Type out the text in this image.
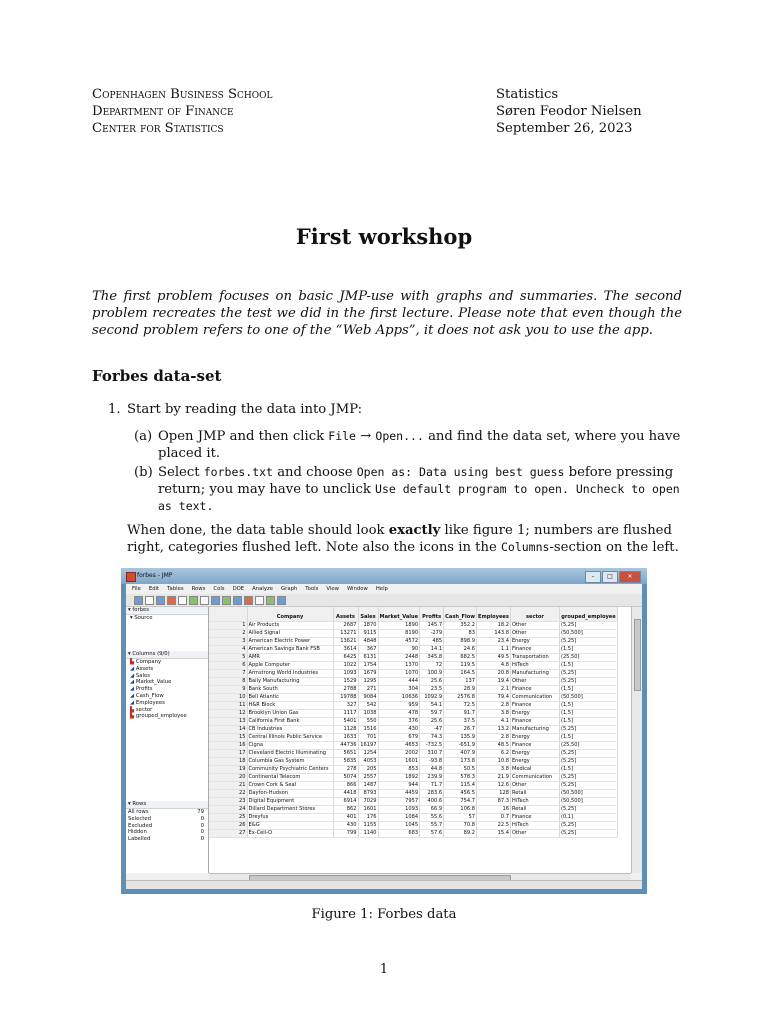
Copenhagen Business School
Department of Finance
Center for Statistics
Statistics
Søren Feodor Nielsen
September 26, 2023
First workshop
The first problem focuses on basic JMP-use with graphs and summaries. The second problem recreates the test we did in the first lecture. Please note that even though the second problem refers to one of the “Web Apps”, it does not ask you to use the app.
Forbes data-set
1. Start by reading the data into JMP:
(a) Open JMP and then click File → Open... and find the data set, where you have placed it.
(b) Select forbes.txt and choose Open as: Data using best guess before pressing return; you may have to unclick Use default program to open. Uncheck to open as text.
When done, the data table should look exactly like figure 1; numbers are flushed right, categories flushed left. Note also the icons in the Columns-section on the left.
forbes - JMP	–	□	✕
File Edit Tables Rows Cols DOE Analyze Graph Tools View Window Help
▾ forbes
▾ Source
▾ Columns (9/0)
▙ Company
◢ Assets
◢ Sales
◢ Market_Value
◢ Profits
◢ Cash_Flow
◢ Employees
▙ sector
▙ grouped_employee
▾ Rows
All rows	79
Selected	0
Excluded	0
Hidden	0
Labelled	0
	Company	Assets	Sales	Market_Value	Profits	Cash_Flow	Employees	sector	grouped_employee
1	Air Products	2687	1870	1890	145.7	352.2	18.2	Other	(5,25]
2	Allied Signal	13271	9115	8190	-279	83	143.8	Other	(50,500]
3	American Electric Power	13621	4848	4572	485	898.9	23.4	Energy	(5,25]
4	American Savings Bank FSB	3614	367	90	14.1	24.6	1.1	Finance	(1,5]
5	AMR	6425	6131	2448	345.8	682.5	49.5	Transportation	(25,50]
6	Apple Computer	1022	1754	1370	72	119.5	4.8	HiTech	(1,5]
7	Armstrong World Industries	1093	1679	1070	100.9	164.5	20.8	Manufacturing	(5,25]
8	Baily Manufacturing	1529	1295	444	25.6	137	19.4	Other	(5,25]
9	Bank South	2788	271	304	23.5	28.9	2.1	Finance	(1,5]
10	Bell Atlantic	19788	9084	10636	1092.9	2576.8	79.4	Communication	(50,500]
11	H&R Block	327	542	959	54.1	72.5	2.8	Finance	(1,5]
12	Brooklyn Union Gas	1117	1038	478	59.7	91.7	3.8	Energy	(1,5]
13	California First Bank	5401	550	376	25.6	37.5	4.1	Finance	(1,5]
14	CB Industries	1128	1516	430	-47	26.7	13.2	Manufacturing	(5,25]
15	Central Illinois Public Service	1633	701	679	74.3	135.9	2.8	Energy	(1,5]
16	Cigna	44736	16197	4653	-732.5	-651.9	48.5	Finance	(25,50]
17	Cleveland Electric Illuminating	5651	1254	2002	310.7	407.9	6.2	Energy	(5,25]
18	Columbia Gas System	5835	4053	1601	-93.8	173.8	10.8	Energy	(5,25]
19	Community Psychiatric Centers	278	205	853	44.8	50.5	3.8	Medical	(1,5]
20	Continental Telecom	5074	2557	1892	239.9	578.3	21.9	Communication	(5,25]
21	Crown Cork & Seal	866	1487	944	71.7	115.4	12.6	Other	(5,25]
22	Dayton-Hudson	4418	8793	4459	283.6	456.5	128	Retail	(50,500]
23	Digital Equipment	6914	7029	7957	400.6	754.7	87.3	HiTech	(50,500]
24	Dillard Department Stores	862	1601	1093	66.9	106.8	16	Retail	(5,25]
25	Dreyfus	401	176	1084	55.6	57	0.7	Finance	(0,1]
26	E&G	430	1155	1045	55.7	70.8	22.5	HiTech	(5,25]
27	Ex-Cell-O	799	1140	683	57.6	89.2	15.4	Other	(5,25]
Figure 1: Forbes data
1
